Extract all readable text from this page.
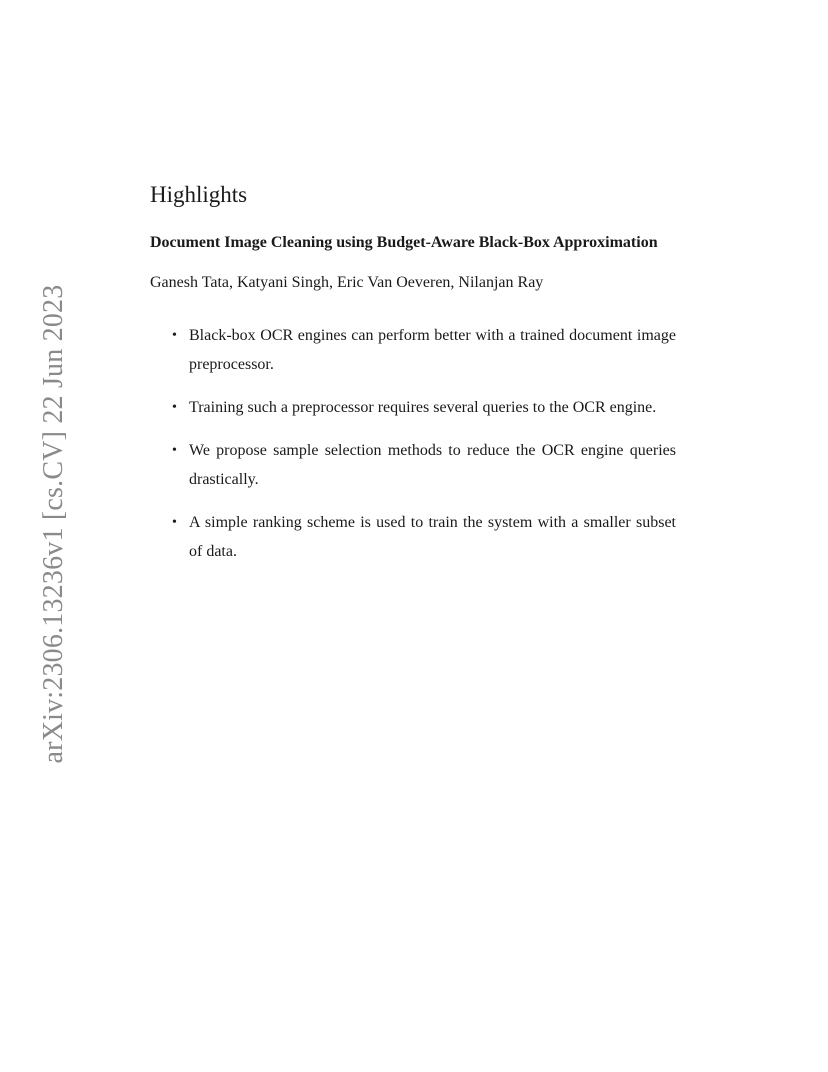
arXiv:2306.13236v1 [cs.CV] 22 Jun 2023
Highlights
Document Image Cleaning using Budget-Aware Black-Box Approximation
Ganesh Tata, Katyani Singh, Eric Van Oeveren, Nilanjan Ray
• Black-box OCR engines can perform better with a trained document image preprocessor.
• Training such a preprocessor requires several queries to the OCR engine.
• We propose sample selection methods to reduce the OCR engine queries drastically.
• A simple ranking scheme is used to train the system with a smaller subset of data.
